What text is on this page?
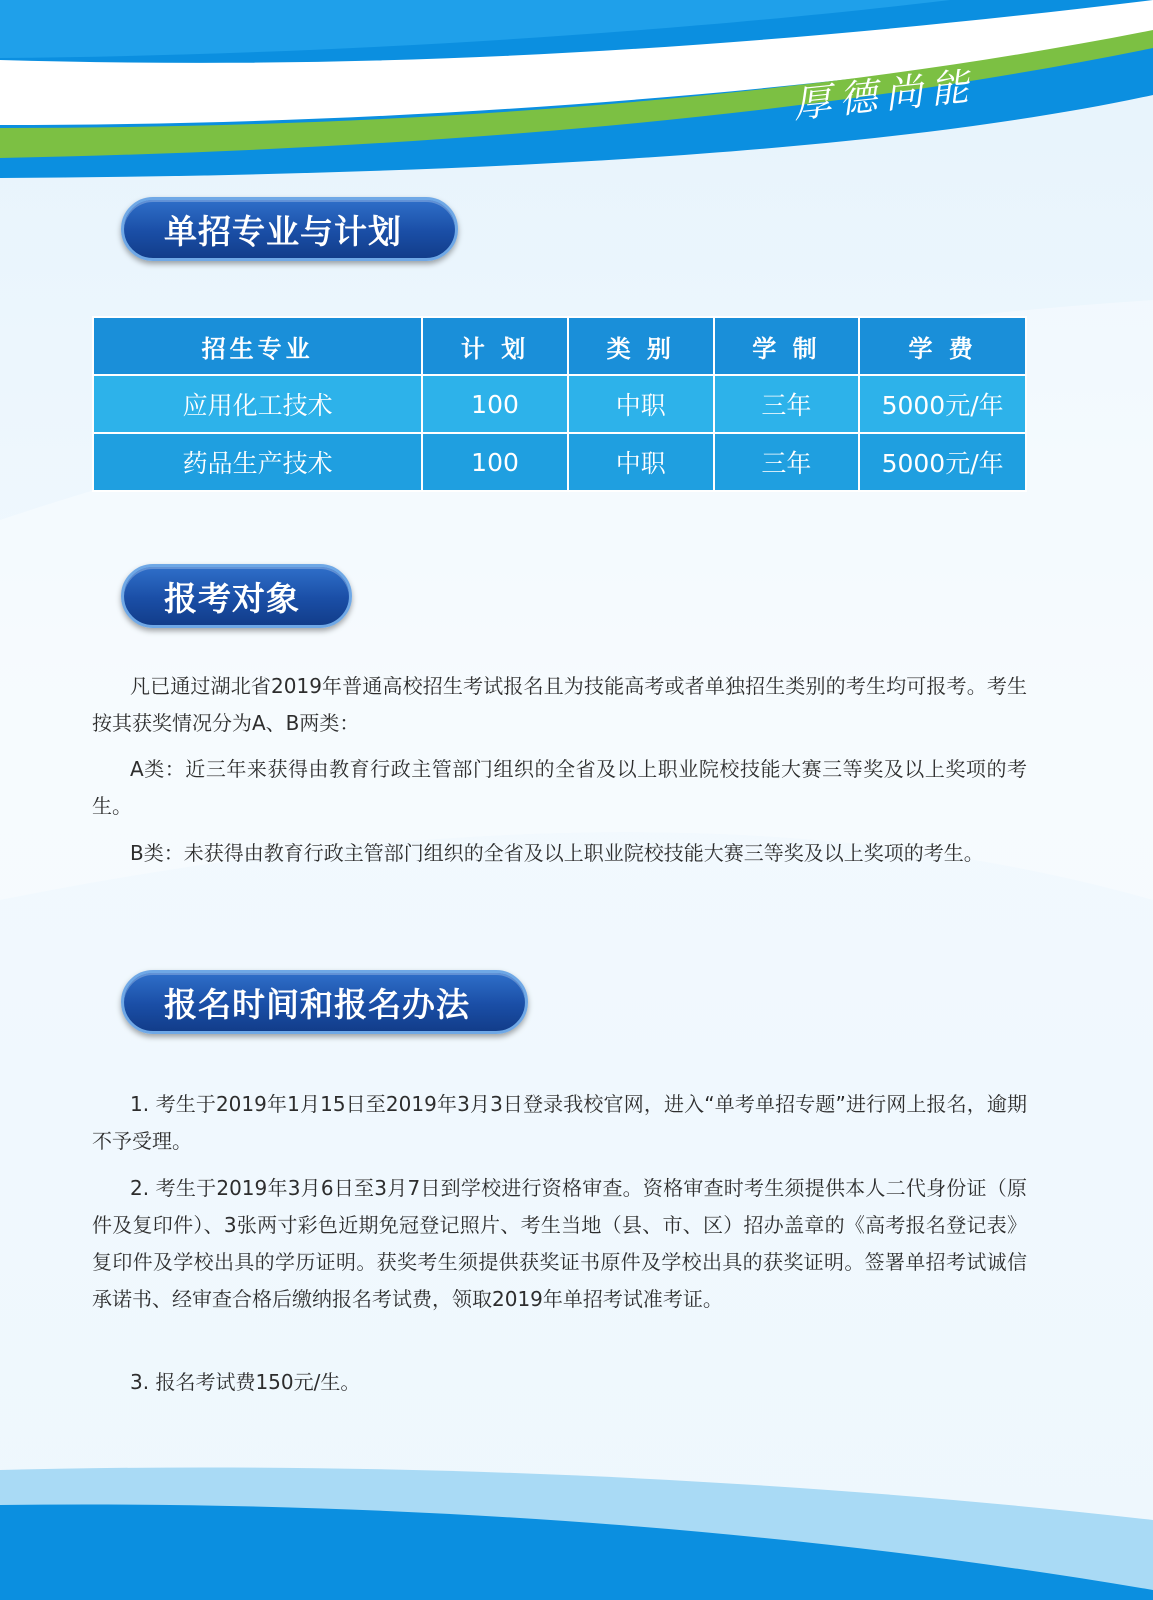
厚德尚能
单招专业与计划
招生专业	计 划	类 别	学 制	学 费
应用化工技术	100	中职	三年	5000元/年
药品生产技术	100	中职	三年	5000元/年
报考对象

凡已通过湖北省2019年普通高校招生考试报名且为技能高考或者单独招生类别的考生均可报考。考生按其获奖情况分为A、B两类：

A类：近三年来获得由教育行政主管部门组织的全省及以上职业院校技能大赛三等奖及以上奖项的考生。

B类：未获得由教育行政主管部门组织的全省及以上职业院校技能大赛三等奖及以上奖项的考生。

报名时间和报名办法

1. 考生于2019年1月15日至2019年3月3日登录我校官网，进入“单考单招专题”进行网上报名，逾期不予受理。

2. 考生于2019年3月6日至3月7日到学校进行资格审查。资格审查时考生须提供本人二代身份证（原件及复印件）、3张两寸彩色近期免冠登记照片、考生当地（县、市、区）招办盖章的《高考报名登记表》复印件及学校出具的学历证明。获奖考生须提供获奖证书原件及学校出具的获奖证明。签署单招考试诚信承诺书、经审查合格后缴纳报名考试费，领取2019年单招考试准考证。

3. 报名考试费150元/生。
